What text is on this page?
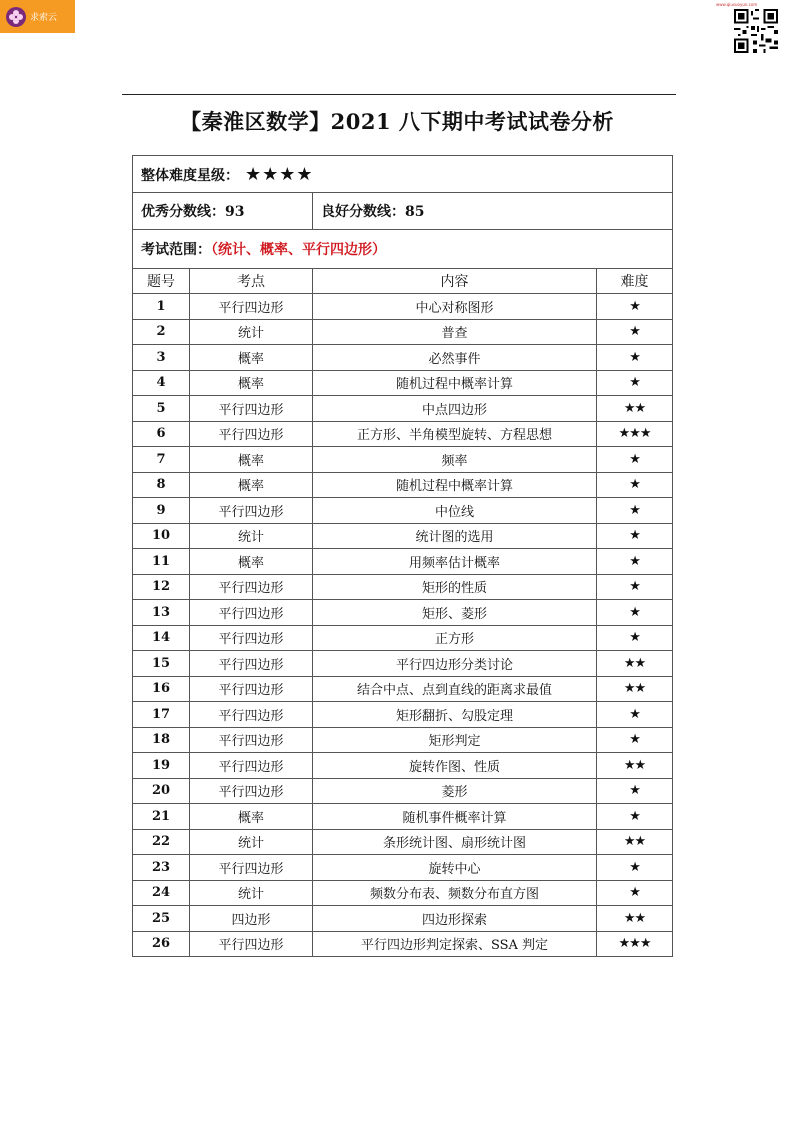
求索云
www.qiusuoyun.com
【秦淮区数学】2021 八下期中考试试卷分析
整体难度星级： ★★★★			
优秀分数线：93		良好分数线：85	
考试范围：（统计、概率、平行四边形）			
题号	考点	内容	难度
1	平行四边形	中心对称图形	★
2	统计	普查	★
3	概率	必然事件	★
4	概率	随机过程中概率计算	★
5	平行四边形	中点四边形	★★
6	平行四边形	正方形、半角模型旋转、方程思想	★★★
7	概率	频率	★
8	概率	随机过程中概率计算	★
9	平行四边形	中位线	★
10	统计	统计图的选用	★
11	概率	用频率估计概率	★
12	平行四边形	矩形的性质	★
13	平行四边形	矩形、菱形	★
14	平行四边形	正方形	★
15	平行四边形	平行四边形分类讨论	★★
16	平行四边形	结合中点、点到直线的距离求最值	★★
17	平行四边形	矩形翻折、勾股定理	★
18	平行四边形	矩形判定	★
19	平行四边形	旋转作图、性质	★★
20	平行四边形	菱形	★
21	概率	随机事件概率计算	★
22	统计	条形统计图、扇形统计图	★★
23	平行四边形	旋转中心	★
24	统计	频数分布表、频数分布直方图	★
25	四边形	四边形探索	★★
26	平行四边形	平行四边形判定探索、SSA 判定	★★★
